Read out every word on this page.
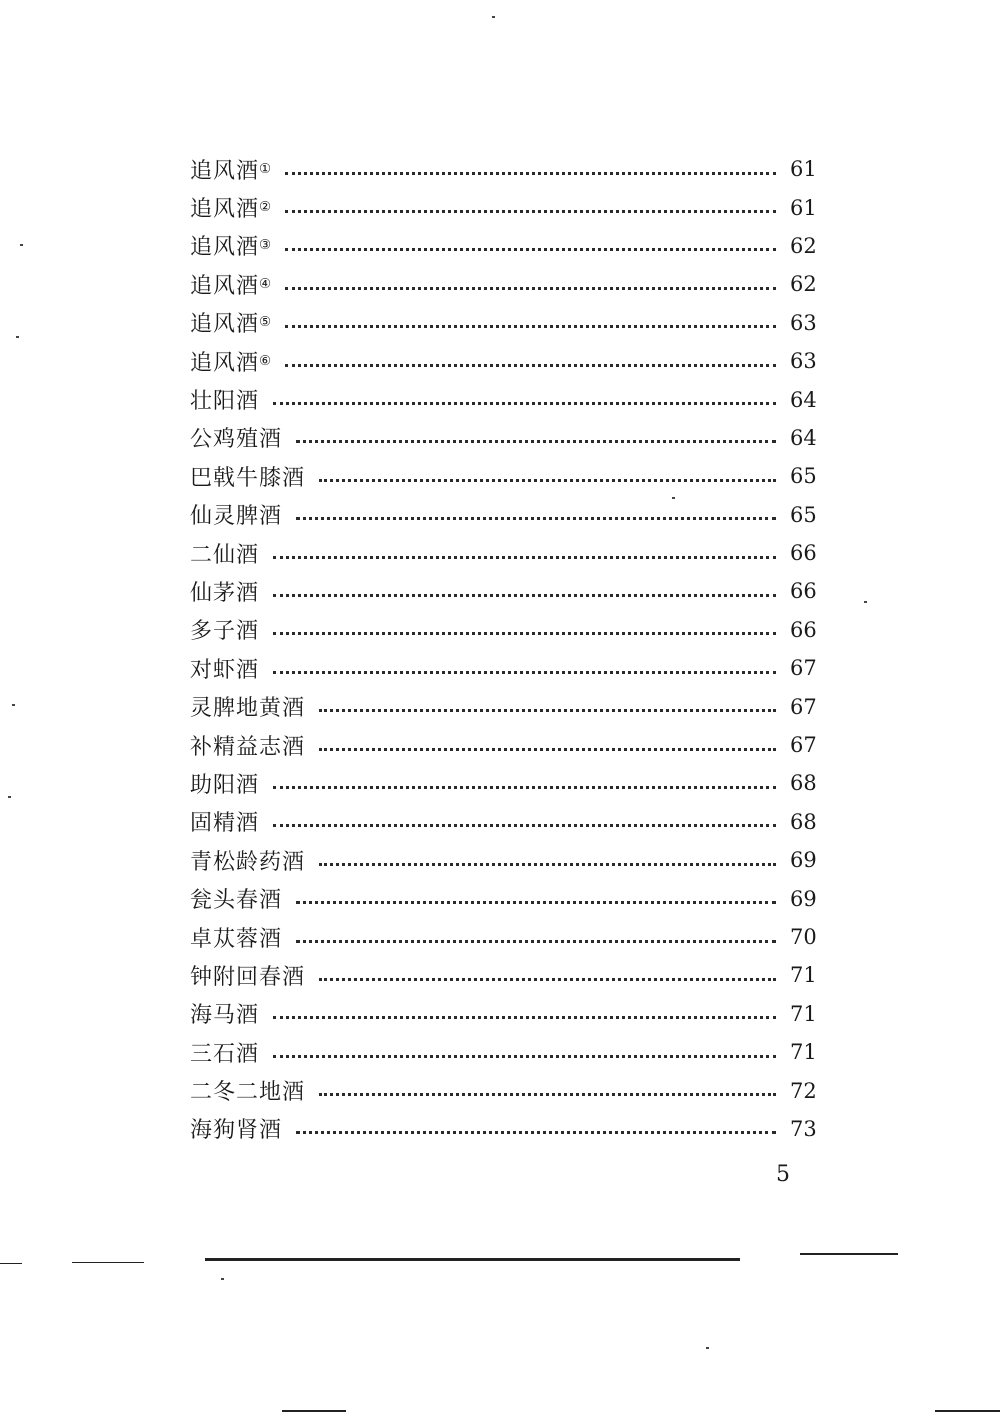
追风酒 ①	61
追风酒 ②	61
追风酒 ③	62
追风酒 ④	62
追风酒 ⑤	63
追风酒 ⑥	63
壮阳酒	64
公鸡殖酒	64
巴戟牛膝酒	65
仙灵脾酒	65
二仙酒	66
仙茅酒	66
多子酒	66
对虾酒	67
灵脾地黄酒	67
补精益志酒	67
助阳酒	68
固精酒	68
青松龄药酒	69
瓮头春酒	69
卓苁蓉酒	70
钟附回春酒	71
海马酒	71
三石酒	71
二冬二地酒	72
海狗肾酒	73
5
